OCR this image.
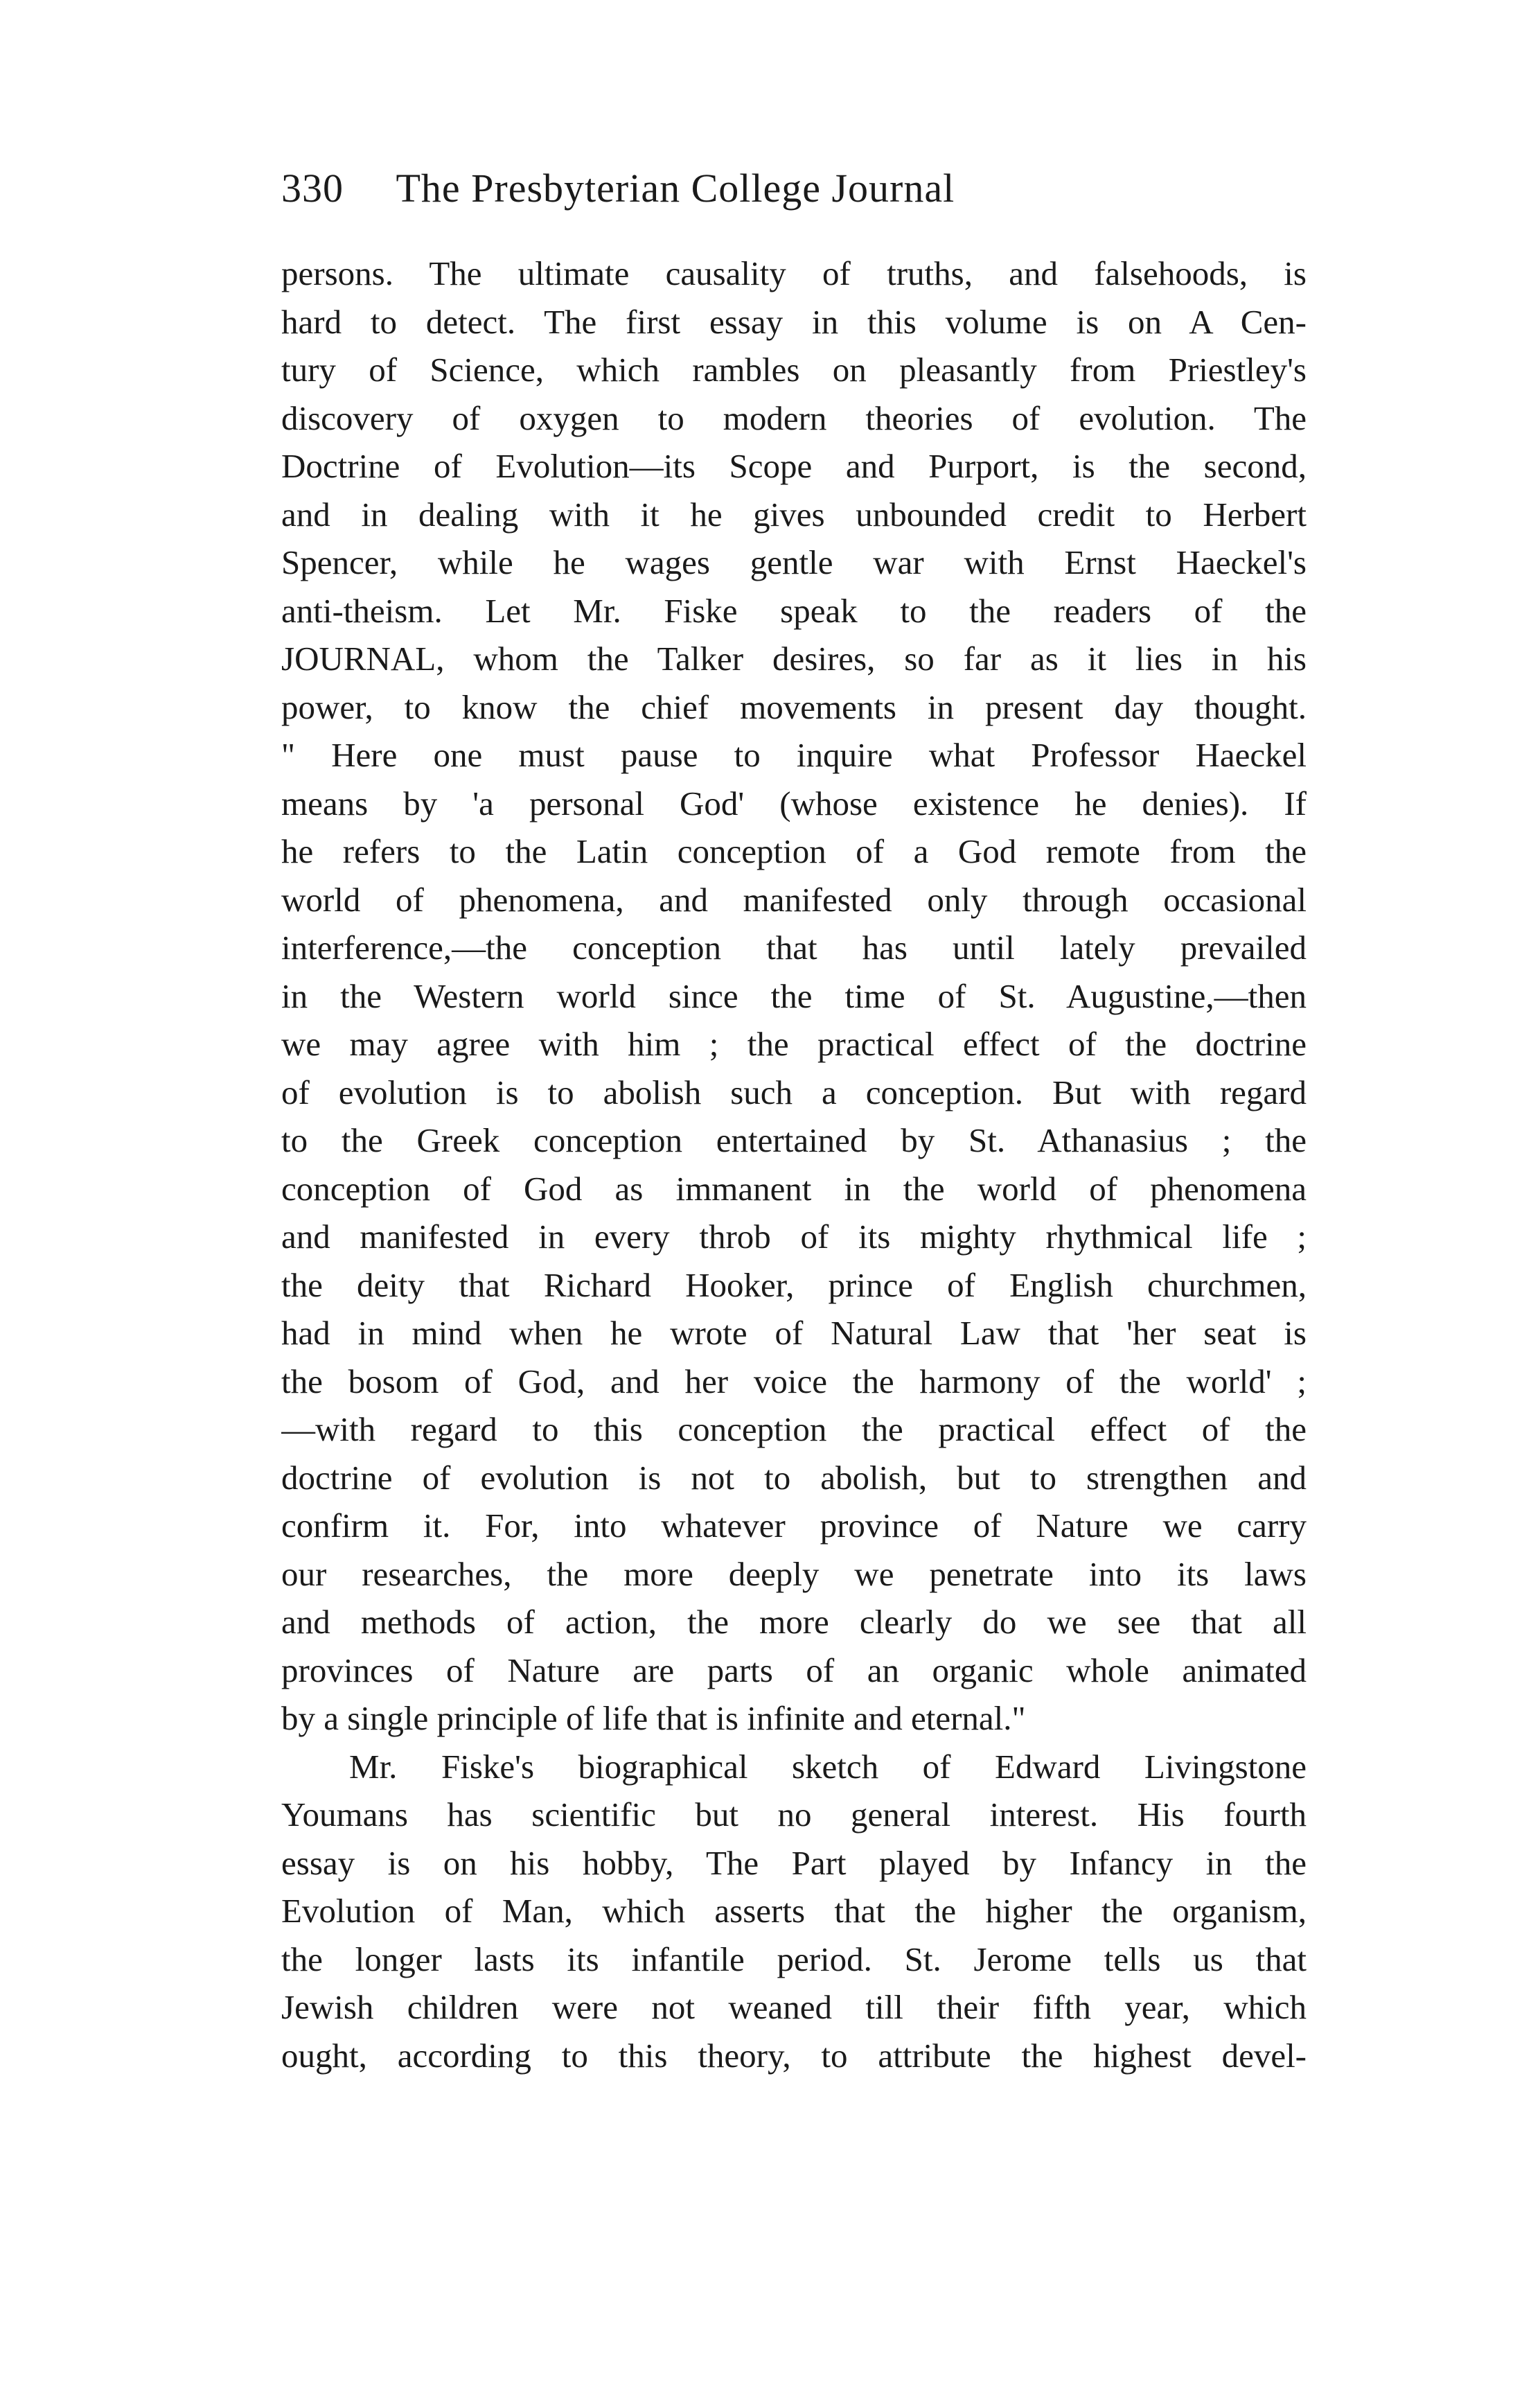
330 The Presbyterian College Journal
persons. The ultimate causality of truths, and falsehoods, is
hard to detect. The first essay in this volume is on A Cen-
tury of Science, which rambles on pleasantly from Priestley's
discovery of oxygen to modern theories of evolution. The
Doctrine of Evolution—its Scope and Purport, is the second,
and in dealing with it he gives unbounded credit to Herbert
Spencer, while he wages gentle war with Ernst Haeckel's
anti-theism. Let Mr. Fiske speak to the readers of the
JOURNAL, whom the Talker desires, so far as it lies in his
power, to know the chief movements in present day thought.
" Here one must pause to inquire what Professor Haeckel
means by 'a personal God' (whose existence he denies). If
he refers to the Latin conception of a God remote from the
world of phenomena, and manifested only through occasional
interference,—the conception that has until lately prevailed
in the Western world since the time of St. Augustine,—then
we may agree with him ; the practical effect of the doctrine
of evolution is to abolish such a conception. But with regard
to the Greek conception entertained by St. Athanasius ; the
conception of God as immanent in the world of phenomena
and manifested in every throb of its mighty rhythmical life ;
the deity that Richard Hooker, prince of English churchmen,
had in mind when he wrote of Natural Law that 'her seat is
the bosom of God, and her voice the harmony of the world' ;
—with regard to this conception the practical effect of the
doctrine of evolution is not to abolish, but to strengthen and
confirm it. For, into whatever province of Nature we carry
our researches, the more deeply we penetrate into its laws
and methods of action, the more clearly do we see that all
provinces of Nature are parts of an organic whole animated
by a single principle of life that is infinite and eternal."
Mr. Fiske's biographical sketch of Edward Livingstone
Youmans has scientific but no general interest. His fourth
essay is on his hobby, The Part played by Infancy in the
Evolution of Man, which asserts that the higher the organism,
the longer lasts its infantile period. St. Jerome tells us that
Jewish children were not weaned till their fifth year, which
ought, according to this theory, to attribute the highest devel-
